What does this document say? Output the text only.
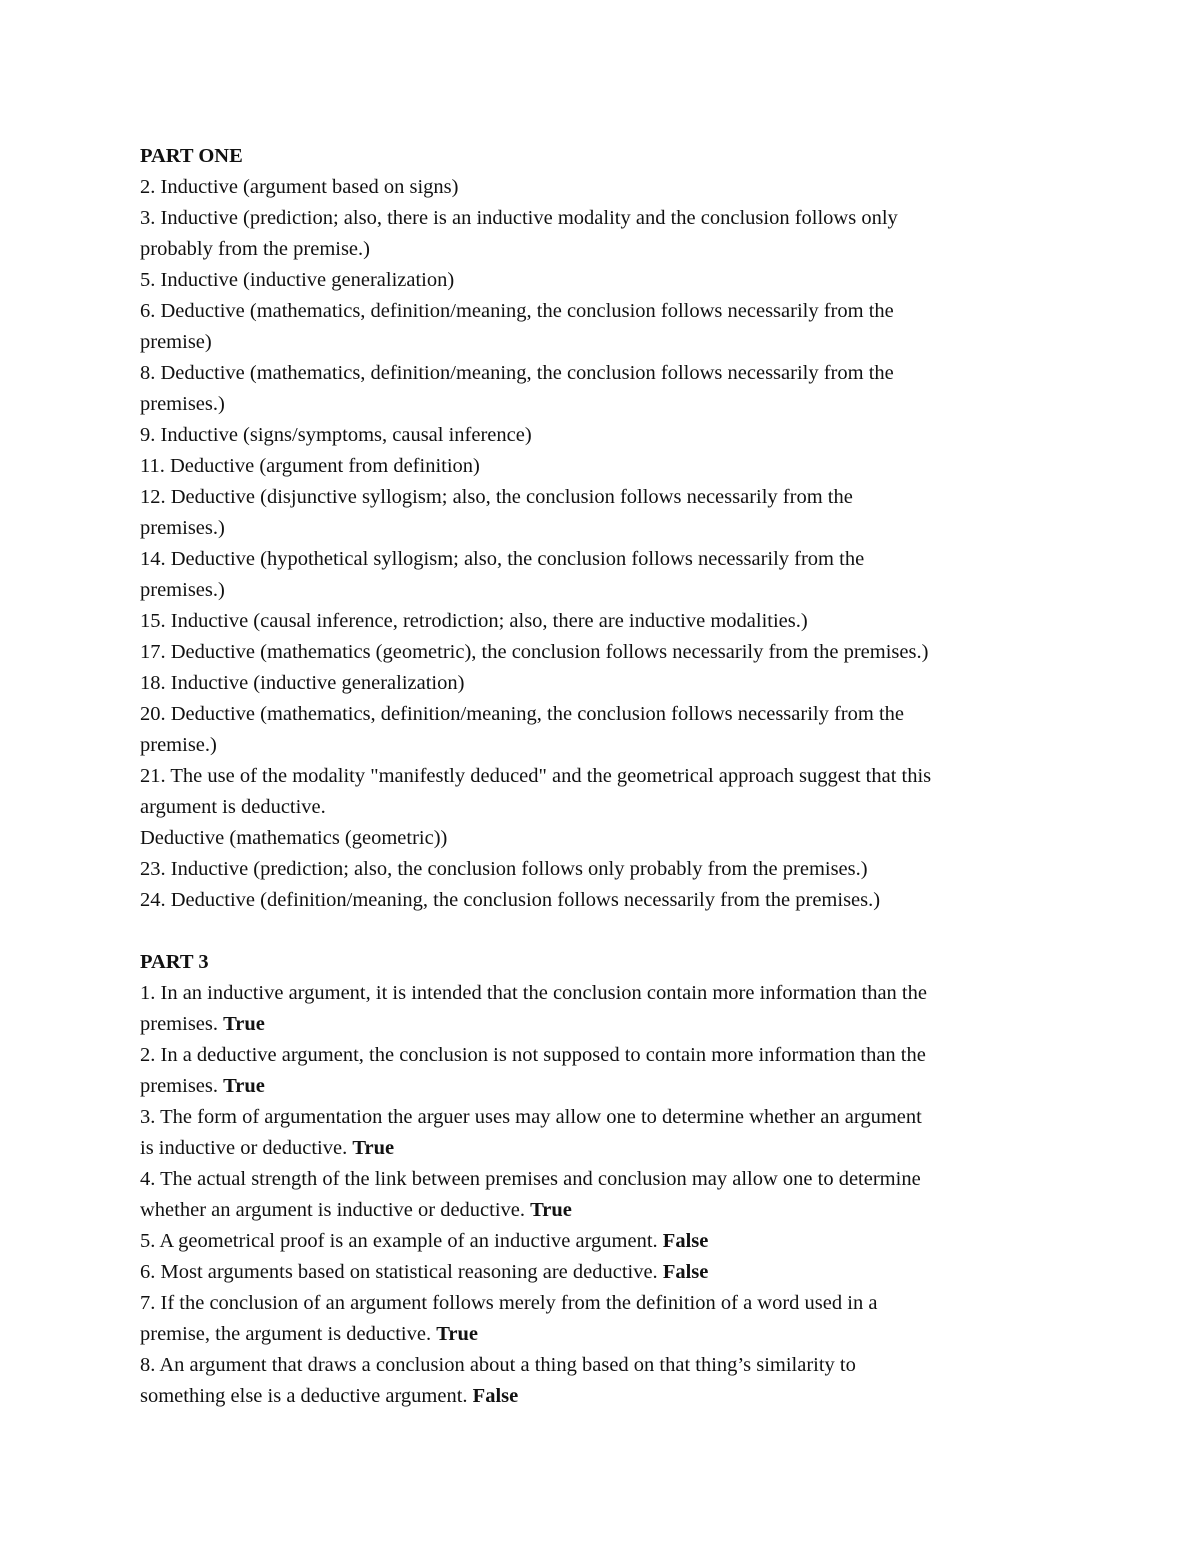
PART ONE
2. Inductive (argument based on signs)
3. Inductive (prediction; also, there is an inductive modality and the conclusion follows only
probably from the premise.)
5. Inductive (inductive generalization)
6. Deductive (mathematics, definition/meaning, the conclusion follows necessarily from the
premise)
8. Deductive (mathematics, definition/meaning, the conclusion follows necessarily from the
premises.)
9. Inductive (signs/symptoms, causal inference)
11. Deductive (argument from definition)
12. Deductive (disjunctive syllogism; also, the conclusion follows necessarily from the
premises.)
14. Deductive (hypothetical syllogism; also, the conclusion follows necessarily from the
premises.)
15. Inductive (causal inference, retrodiction; also, there are inductive modalities.)
17. Deductive (mathematics (geometric), the conclusion follows necessarily from the premises.)
18. Inductive (inductive generalization)
20. Deductive (mathematics, definition/meaning, the conclusion follows necessarily from the
premise.)
21. The use of the modality "manifestly deduced" and the geometrical approach suggest that this
argument is deductive.
Deductive (mathematics (geometric))
23. Inductive (prediction; also, the conclusion follows only probably from the premises.)
24. Deductive (definition/meaning, the conclusion follows necessarily from the premises.)
PART 3
1. In an inductive argument, it is intended that the conclusion contain more information than the
premises. True
2. In a deductive argument, the conclusion is not supposed to contain more information than the
premises. True
3. The form of argumentation the arguer uses may allow one to determine whether an argument
is inductive or deductive. True
4. The actual strength of the link between premises and conclusion may allow one to determine
whether an argument is inductive or deductive. True
5. A geometrical proof is an example of an inductive argument. False
6. Most arguments based on statistical reasoning are deductive. False
7. If the conclusion of an argument follows merely from the definition of a word used in a
premise, the argument is deductive. True
8. An argument that draws a conclusion about a thing based on that thing’s similarity to
something else is a deductive argument. False
